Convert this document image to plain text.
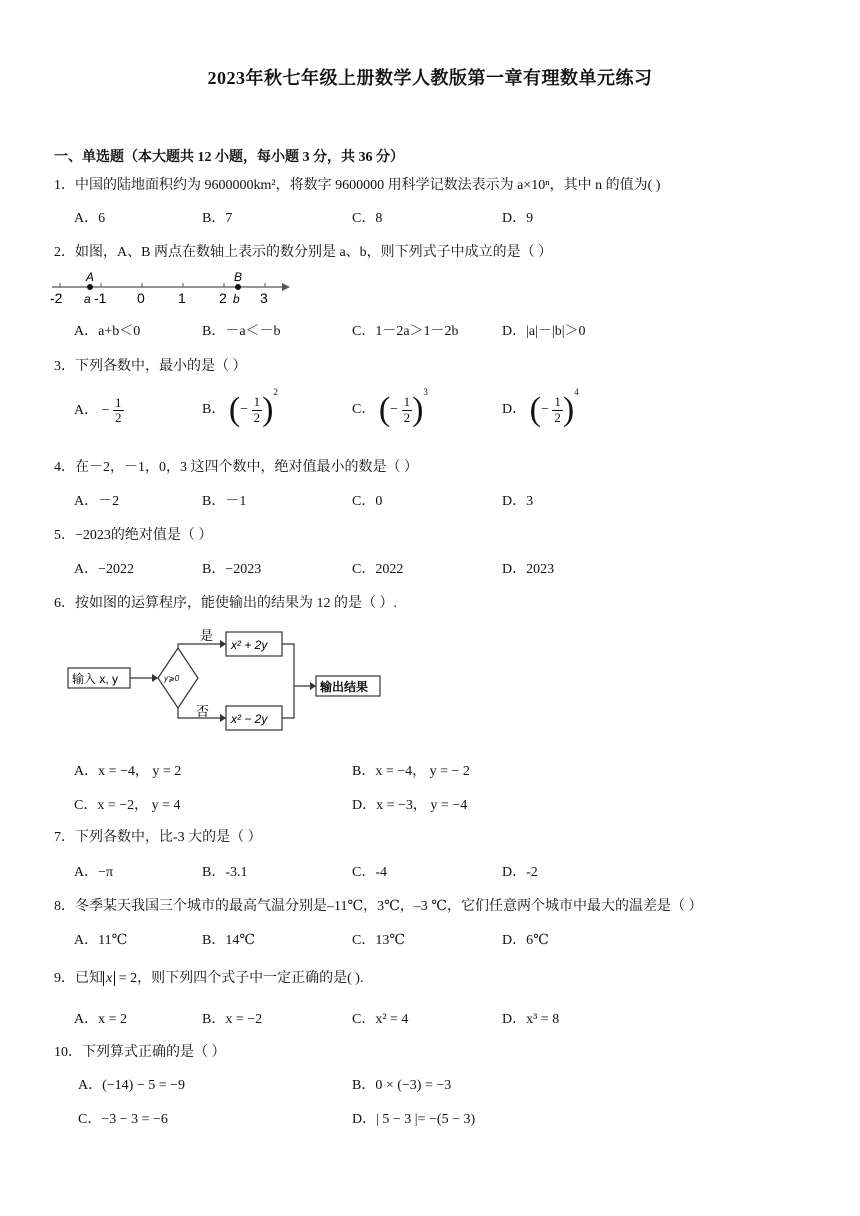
2023年秋七年级上册数学人教版第一章有理数单元练习
一、单选题（本大题共 12 小题，每小题 3 分，共 36 分）
1．中国的陆地面积约为 9600000km²，将数字 9600000 用科学记数法表示为 a×10ⁿ，其中 n 的值为( )
A．6	B．7	C．8	D．9
2．如图，A、B 两点在数轴上表示的数分别是 a、b，则下列式子中成立的是（ ）
A	B
a	b
-2 -1 0 1 2 3
A．a+b＜0	B．－a＜－b	C．1－2a＞1－2b	D．|a|－|b|＞0
3．下列各数中，最小的是（ ）
A． − $\frac{1}{2}$	B． (− $\frac{1}{2} )^2$
C． (− $\frac{1}{2} )^3$
D． (− $\frac{1}{2} )^4$
4．在－2，－1，0，3 这四个数中，绝对值最小的数是（ ）
A．－2	B．－1	C．0	D．3
5．−2023的绝对值是（ ）
A．−2022	B．−2023	C．2022	D．2023
6．按如图的运算程序，能使输出的结果为 12 的是（ ）.
输入 x, y	y⩾0
是
否
x² + 2y
x² − 2y
输出结果
A．x = −4， y = 2	B．x = −4， y = − 2
C．x = −2， y = 4	D．x = −3， y = −4
7．下列各数中，比-3 大的是（ ）
A．−π	B．-3.1	C．-4	D．-2
8．冬季某天我国三个城市的最高气温分别是–11℃，3℃，–3 ℃，它们任意两个城市中最大的温差是（ ）
A．11℃	B．14℃	C．13℃	D．6℃
9．已知 x = 2，则下列四个式子中一定正确的是( ).
A．x = 2	B．x = −2	C．x² = 4	D．x³ = 8
10．下列算式正确的是（ ）
A．(−14) − 5 = −9	B．0 × (−3) = −3
C．−3 − 3 = −6	D．| 5 − 3 |= −(5 − 3)
